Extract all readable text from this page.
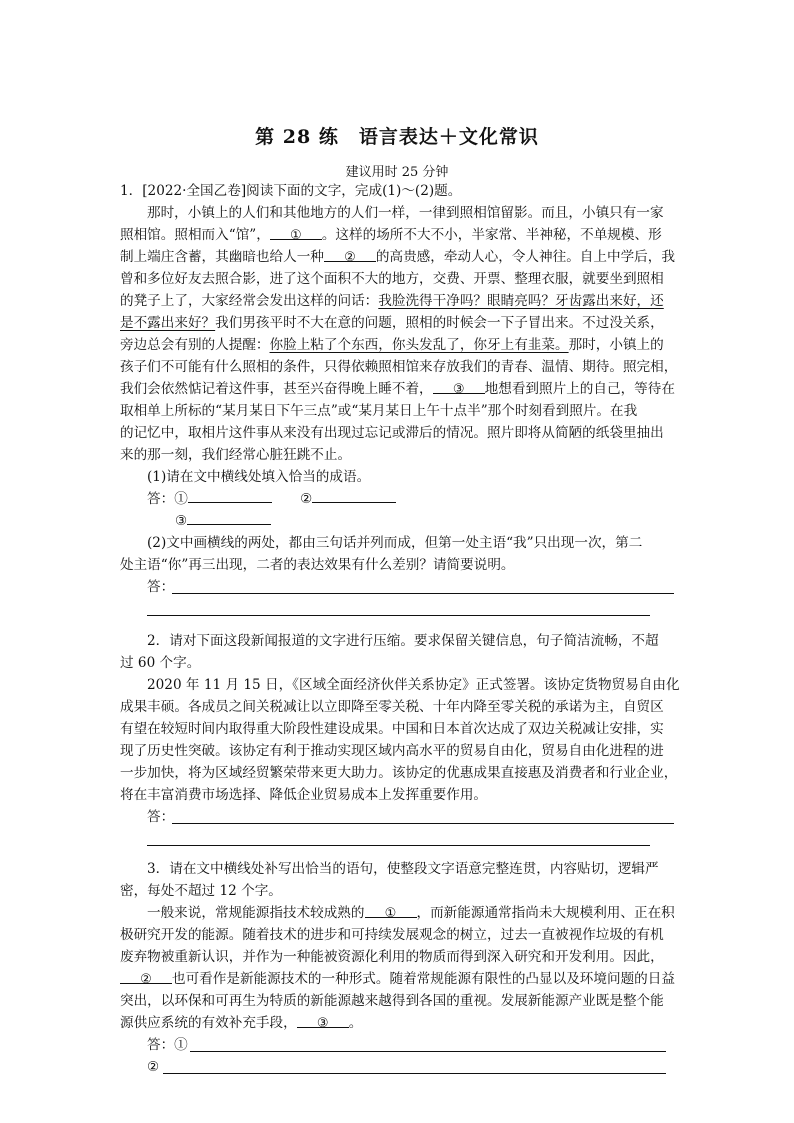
第 28 练　语言表达＋文化常识
建议用时 25 分钟
1．[2022·全国乙卷]阅读下面的文字，完成(1)～(2)题。
那时，小镇上的人们和其他地方的人们一样，一律到照相馆留影。而且，小镇只有一家
照相馆。照相而入“馆”， ① 。这样的场所不大不小，半家常、半神秘，不单规模、形
制上端庄含蓄，其幽暗也给人一种 ② 的高贵感，牵动人心，令人神往。自上中学后，我
曾和多位好友去照合影，进了这个面积不大的地方，交费、开票、整理衣服，就要坐到照相
的凳子上了，大家经常会发出这样的问话：我脸洗得干净吗？眼睛亮吗？牙齿露出来好，还
是不露出来好？我们男孩平时不大在意的问题，照相的时候会一下子冒出来。不过没关系，
旁边总会有别的人提醒：你脸上粘了个东西，你头发乱了，你牙上有韭菜。那时，小镇上的
孩子们不可能有什么照相的条件，只得依赖照相馆来存放我们的青春、温情、期待。照完相，
我们会依然惦记着这件事，甚至兴奋得晚上睡不着， ③ 地想看到照片上的自己，等待在
取相单上所标的“某月某日下午三点”或“某月某日上午十点半”那个时刻看到照片。在我
的记忆中，取相片这件事从来没有出现过忘记或滞后的情况。照片即将从简陋的纸袋里抽出
来的那一刻，我们经常心脏狂跳不止。
(1)请在文中横线处填入恰当的成语。
答：①	②
③
(2)文中画横线的两处，都由三句话并列而成，但第一处主语“我”只出现一次，第二
处主语“你”再三出现，二者的表达效果有什么差别？请简要说明。
答：
2．请对下面这段新闻报道的文字进行压缩。要求保留关键信息，句子简洁流畅，不超
过 60 个字。
2020 年 11 月 15 日，《区域全面经济伙伴关系协定》正式签署。该协定货物贸易自由化
成果丰硕。各成员之间关税减让以立即降至零关税、十年内降至零关税的承诺为主，自贸区
有望在较短时间内取得重大阶段性建设成果。中国和日本首次达成了双边关税减让安排，实
现了历史性突破。该协定有利于推动实现区域内高水平的贸易自由化，贸易自由化进程的进
一步加快，将为区域经贸繁荣带来更大助力。该协定的优惠成果直接惠及消费者和行业企业，
将在丰富消费市场选择、降低企业贸易成本上发挥重要作用。
答：
3．请在文中横线处补写出恰当的语句，使整段文字语意完整连贯，内容贴切，逻辑严
密，每处不超过 12 个字。
一般来说，常规能源指技术较成熟的 ① ，而新能源通常指尚未大规模利用、正在积
极研究开发的能源。随着技术的进步和可持续发展观念的树立，过去一直被视作垃圾的有机
废弃物被重新认识，并作为一种能被资源化利用的物质而得到深入研究和开发利用。因此，
② 也可看作是新能源技术的一种形式。随着常规能源有限性的凸显以及环境问题的日益
突出，以环保和可再生为特质的新能源越来越得到各国的重视。发展新能源产业既是整个能
源供应系统的有效补充手段， ③ 。
答：①
②
